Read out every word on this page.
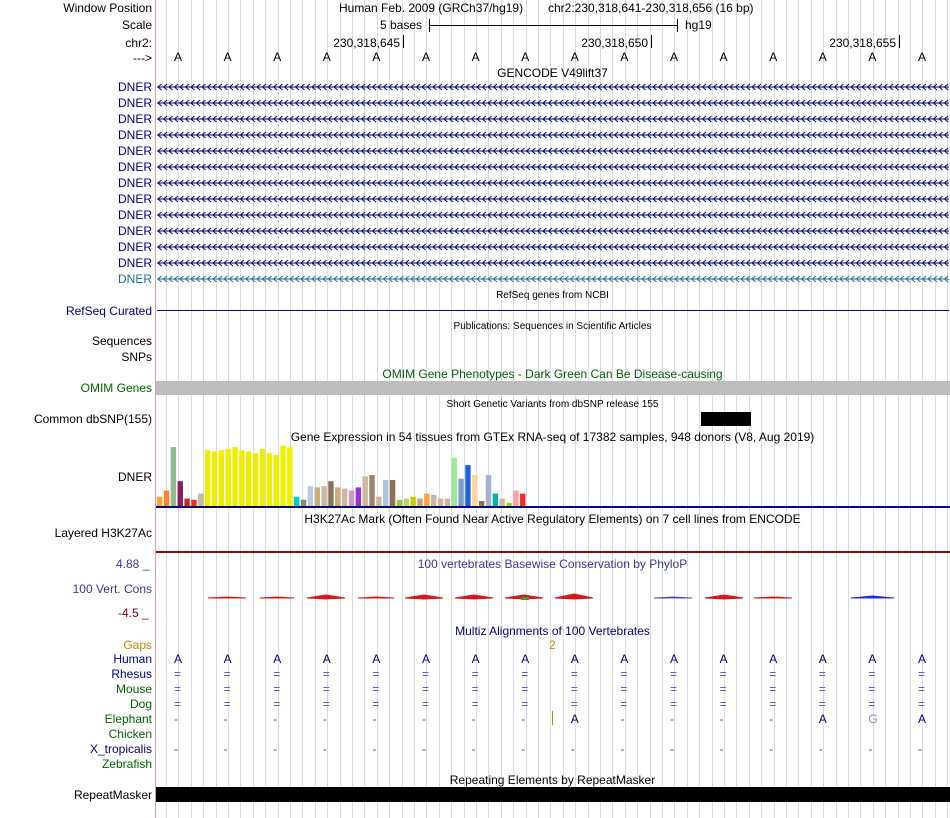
Window Position	Human Feb. 2009 (GRCh37/hg19) chr2:230,318,641-230,318,656 (16 bp)
Scale	5 bases	hg19
chr2:	230,318,645	230,318,650	230,318,655
---> A	A	A	A	A	A	A	A	A	A	A	A	A	A	A	A
GENCODE V49lift37
DNER
DNER
DNER
DNER
DNER
DNER
DNER
DNER
DNER
DNER
DNER
DNER
DNER
RefSeq genes from NCBI
RefSeq Curated
Publications: Sequences in Scientific Articles
Sequences
SNPs
OMIM Gene Phenotypes - Dark Green Can Be Disease-causing
OMIM Genes
Short Genetic Variants from dbSNP release 155
Common dbSNP(155)
Gene Expression in 54 tissues from GTEx RNA-seq of 17382 samples, 948 donors (V8, Aug 2019)
DNER
H3K27Ac Mark (Often Found Near Active Regulatory Elements) on 7 cell lines from ENCODE
Layered H3K27Ac
100 vertebrates Basewise Conservation by PhyloP
4.88 _
100 Vert. Cons
-4.5 _
Multiz Alignments of 100 Vertebrates
Gaps	2
Human A	A	A	A	A	A	A	A	A	A	A	A	A	A	A	A
Rhesus =	=	=	=	=	=	=	=	=	=	=	=	=	=	=	=
Mouse =	=	=	=	=	=	=	=	=	=	=	=	=	=	=	=
Dog =	=	=	=	=	=	=	=	=	=	=	=	=	=	=	=
Elephant -	-	-	-	-	-	-	-	A	-	-	-	-	A	G	A
Chicken
X_tropicalis -	-	-	-	-	-	-	-	-	-	-	-	-	-	-	-
Zebrafish
Repeating Elements by RepeatMasker
RepeatMasker
